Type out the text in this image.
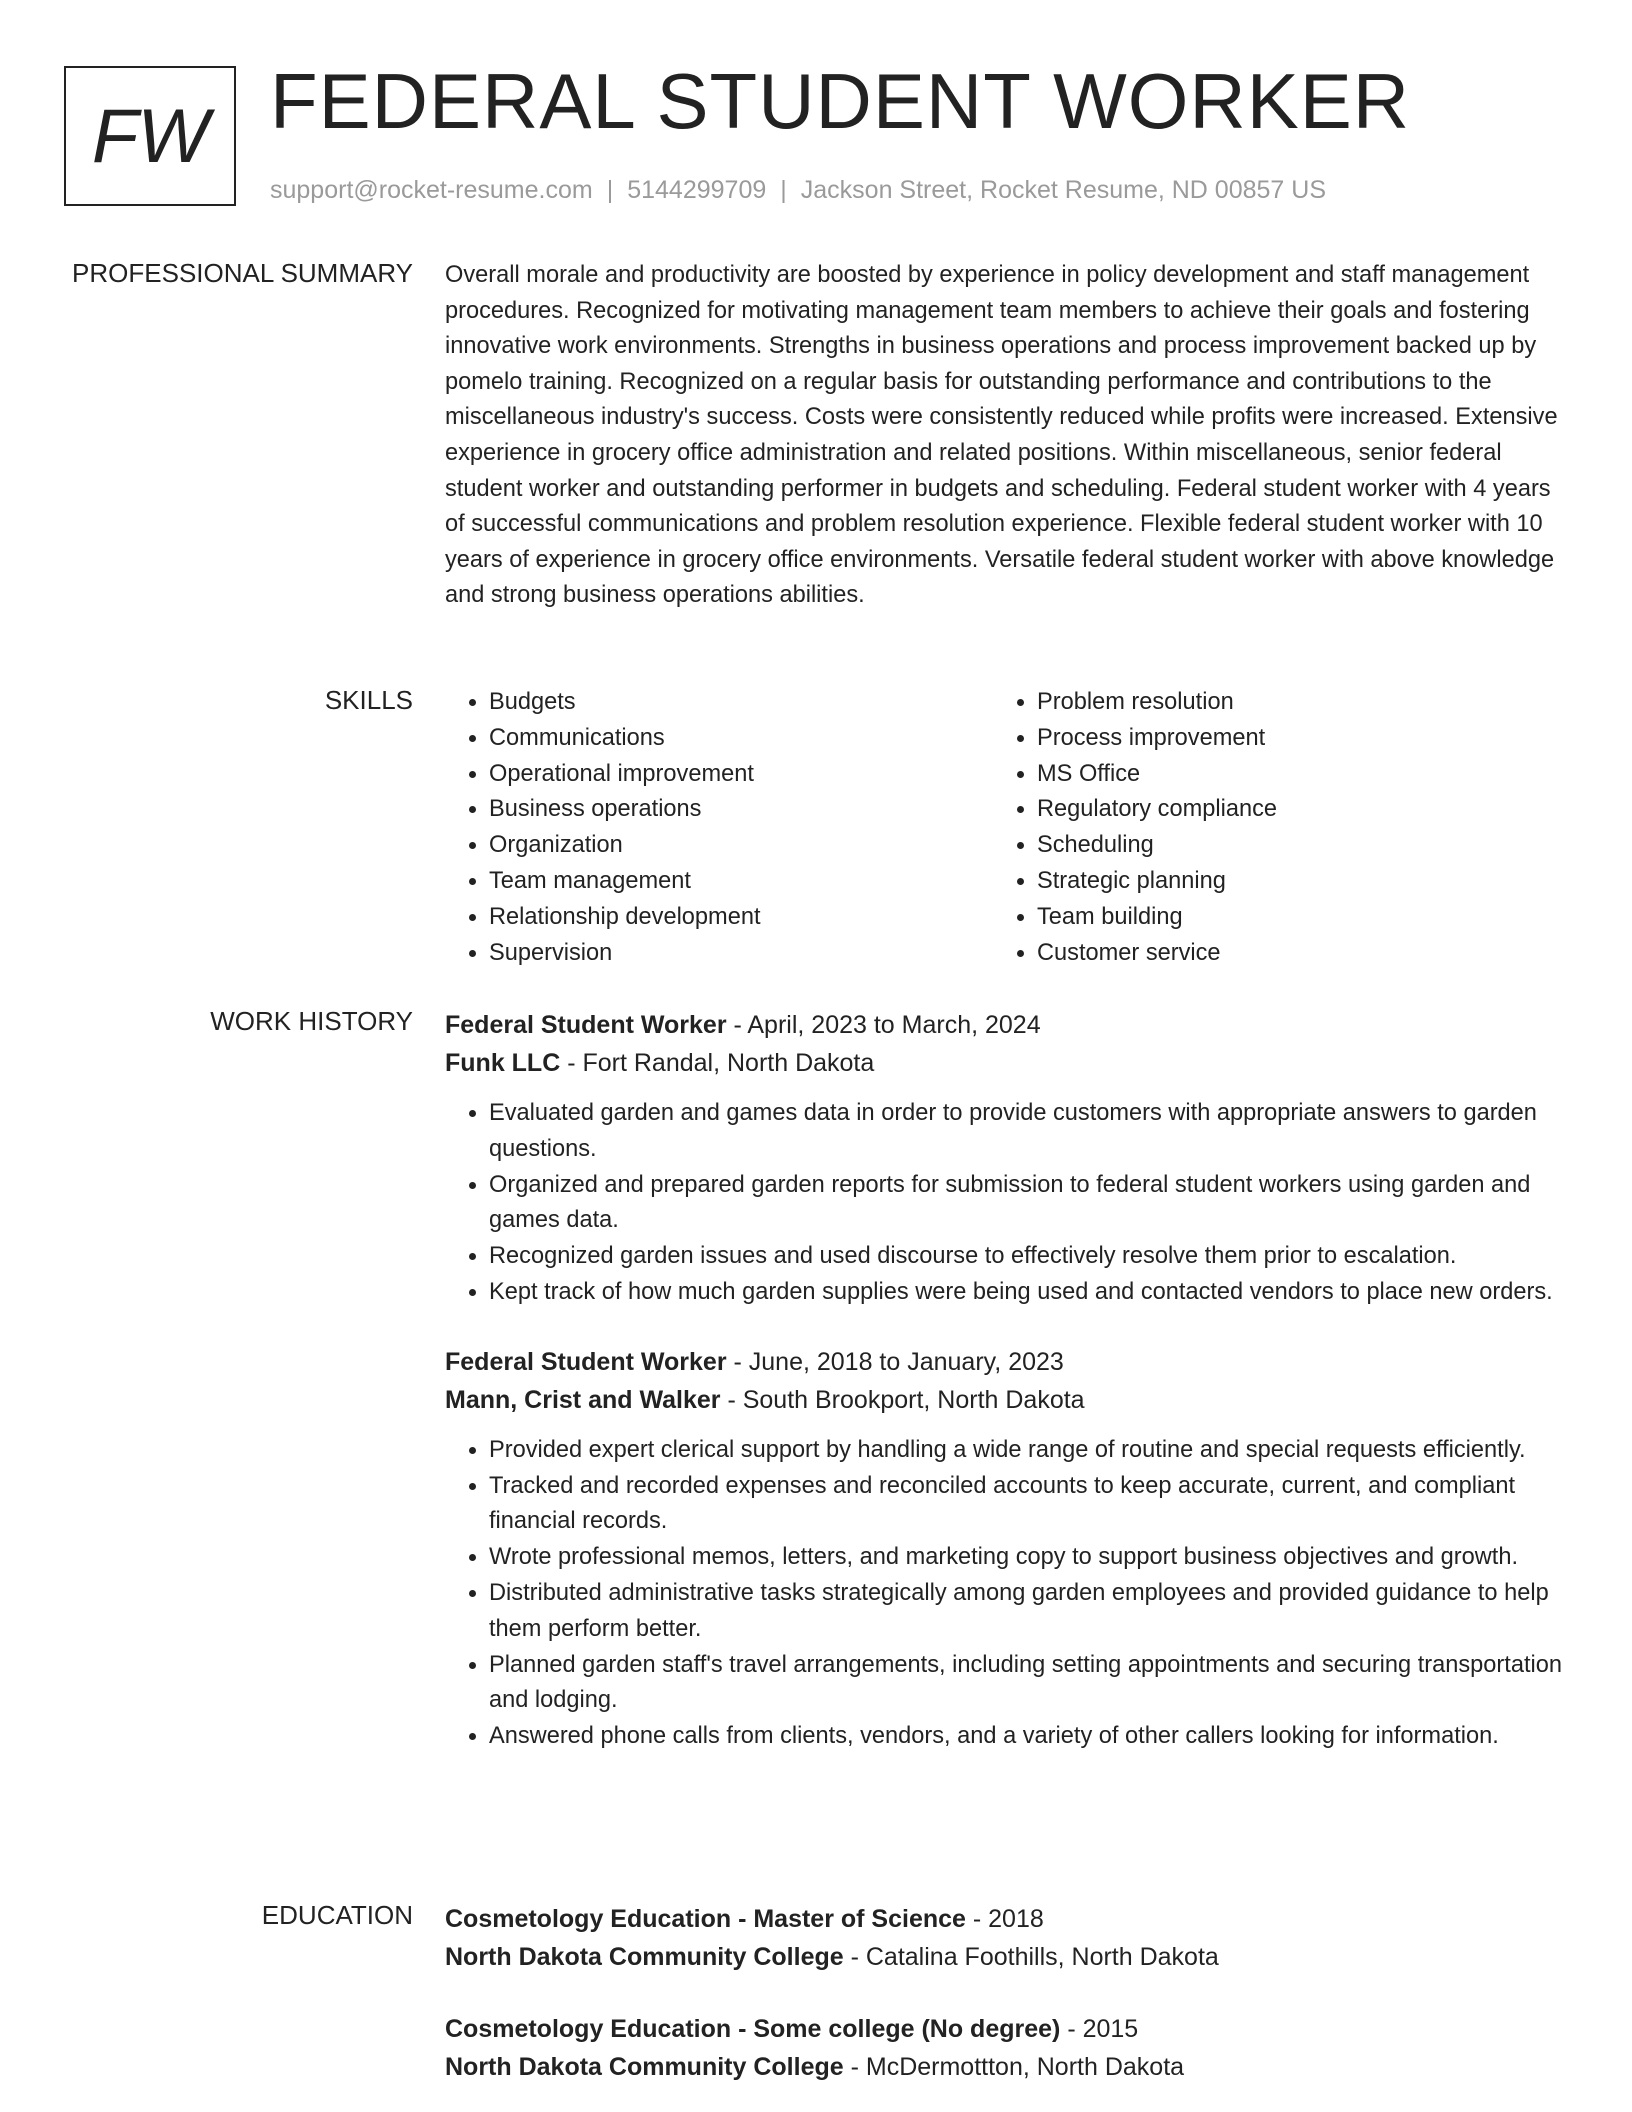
FW FEDERAL STUDENT WORKER
support@rocket-resume.com | 5144299709 | Jackson Street, Rocket Resume, ND 00857 US
PROFESSIONAL SUMMARY Overall morale and productivity are boosted by experience in policy development and staff management procedures. Recognized for motivating management team members to achieve their goals and fostering innovative work environments. Strengths in business operations and process improvement backed up by pomelo training. Recognized on a regular basis for outstanding performance and contributions to the miscellaneous industry's success. Costs were consistently reduced while profits were increased. Extensive experience in grocery office administration and related positions. Within miscellaneous, senior federal student worker and outstanding performer in budgets and scheduling. Federal student worker with 4 years of successful communications and problem resolution experience. Flexible federal student worker with 10 years of experience in grocery office environments. Versatile federal student worker with above knowledge and strong business operations abilities.

SKILLS
•	Budgets
• Communications
• Operational improvement
• Business operations
• Organization
• Team management
• Relationship development
• Supervision
• Problem resolution
• Process improvement
• MS Office
• Regulatory compliance
• Scheduling
• Strategic planning
• Team building
• Customer service
WORK HISTORY Federal Student Worker - April, 2023 to March, 2024
Funk LLC - Fort Randal, North Dakota
• Evaluated garden and games data in order to provide customers with appropriate answers to garden questions.
• Organized and prepared garden reports for submission to federal student workers using garden and games data.
• Recognized garden issues and used discourse to effectively resolve them prior to escalation.
• Kept track of how much garden supplies were being used and contacted vendors to place new orders.
Federal Student Worker - June, 2018 to January, 2023
Mann, Crist and Walker - South Brookport, North Dakota
• Provided expert clerical support by handling a wide range of routine and special requests efficiently.
• Tracked and recorded expenses and reconciled accounts to keep accurate, current, and compliant financial records.
• Wrote professional memos, letters, and marketing copy to support business objectives and growth.
• Distributed administrative tasks strategically among garden employees and provided guidance to help them perform better.
• Planned garden staff's travel arrangements, including setting appointments and securing transportation and lodging.
• Answered phone calls from clients, vendors, and a variety of other callers looking for information.
EDUCATION Cosmetology Education - Master of Science - 2018
North Dakota Community College - Catalina Foothills, North Dakota
Cosmetology Education - Some college (No degree) - 2015
North Dakota Community College - McDermottton, North Dakota
